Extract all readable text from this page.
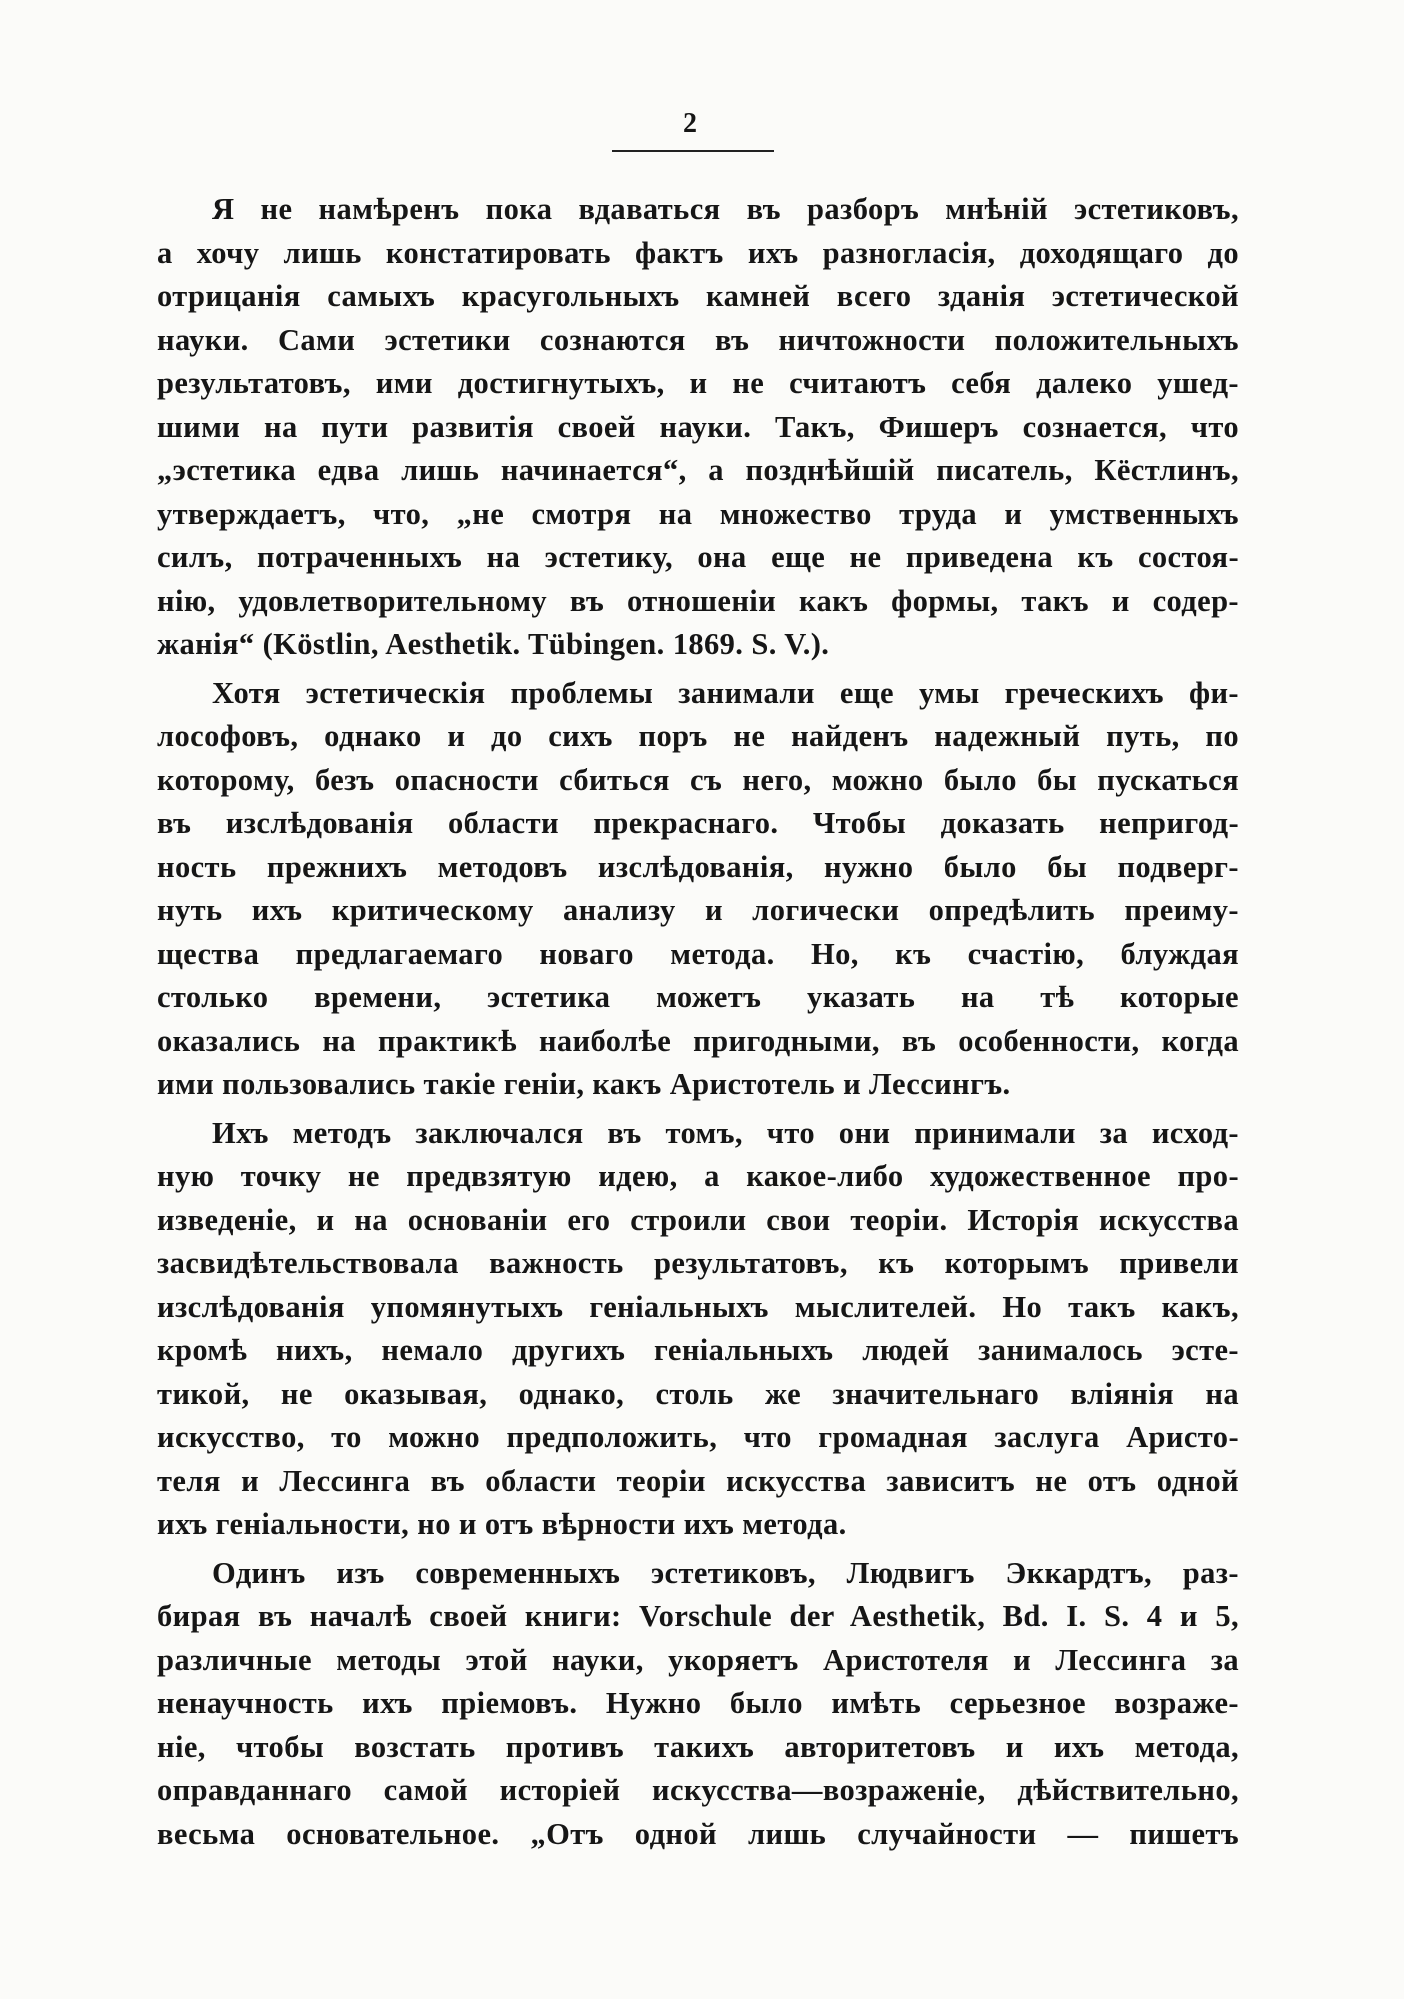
2

Я не намѣренъ пока вдаваться въ разборъ мнѣній эстетиковъ,
а хочу лишь констатировать фактъ ихъ разногласія, доходящаго до
отрицанія самыхъ красугольныхъ камней всего зданія эстетической
науки. Сами эстетики сознаются въ ничтожности положительныхъ
результатовъ, ими достигнутыхъ, и не считаютъ себя далеко ушед-
шими на пути развитія своей науки. Такъ, Фишеръ сознается, что
„эстетика едва лишь начинается“, а позднѣйшій писатель, Кёстлинъ,
утверждаетъ, что, „не смотря на множество труда и умственныхъ
силъ, потраченныхъ на эстетику, она еще не приведена къ состоя-
нію, удовлетворительному въ отношеніи какъ формы, такъ и содер-
жанія“ (Köstlin, Aesthetik. Tübingen. 1869. S. V.).

Хотя эстетическія проблемы занимали еще умы греческихъ фи-
лософовъ, однако и до сихъ поръ не найденъ надежный путь, по
которому, безъ опасности сбиться съ него, можно было бы пускаться
въ изслѣдованія области прекраснаго. Чтобы доказать непригод-
ность прежнихъ методовъ изслѣдованія, нужно было бы подверг-
нуть ихъ критическому анализу и логически опредѣлить преиму-
щества предлагаемаго новаго метода. Но, къ счастію, блуждая
столько времени, эстетика можетъ указать на тѣ которые
оказались на практикѣ наиболѣе пригодными, въ особенности, когда
ими пользовались такіе геніи, какъ Аристотель и Лессингъ.

Ихъ методъ заключался въ томъ, что они принимали за исход-
ную точку не предвзятую идею, а какое-либо художественное про-
изведеніе, и на основаніи его строили свои теоріи. Исторія искусства
засвидѣтельствовала важность результатовъ, къ которымъ привели
изслѣдованія упомянутыхъ геніальныхъ мыслителей. Но такъ какъ,
кромѣ нихъ, немало другихъ геніальныхъ людей занималось эсте-
тикой, не оказывая, однако, столь же значительнаго вліянія на
искусство, то можно предположить, что громадная заслуга Аристо-
теля и Лессинга въ области теоріи искусства зависитъ не отъ одной
ихъ геніальности, но и отъ вѣрности ихъ метода.

Одинъ изъ современныхъ эстетиковъ, Людвигъ Эккардтъ, раз-
бирая въ началѣ своей книги: Vorschule der Aesthetik, Bd. I. S. 4 и 5,
различные методы этой науки, укоряетъ Аристотеля и Лессинга за
ненаучность ихъ пріемовъ. Нужно было имѣть серьезное возраже-
ніе, чтобы возстать противъ такихъ авторитетовъ и ихъ метода,
оправданнаго самой исторіей искусства—возраженіе, дѣйствительно,
весьма основательное. „Отъ одной лишь случайности — пишетъ
